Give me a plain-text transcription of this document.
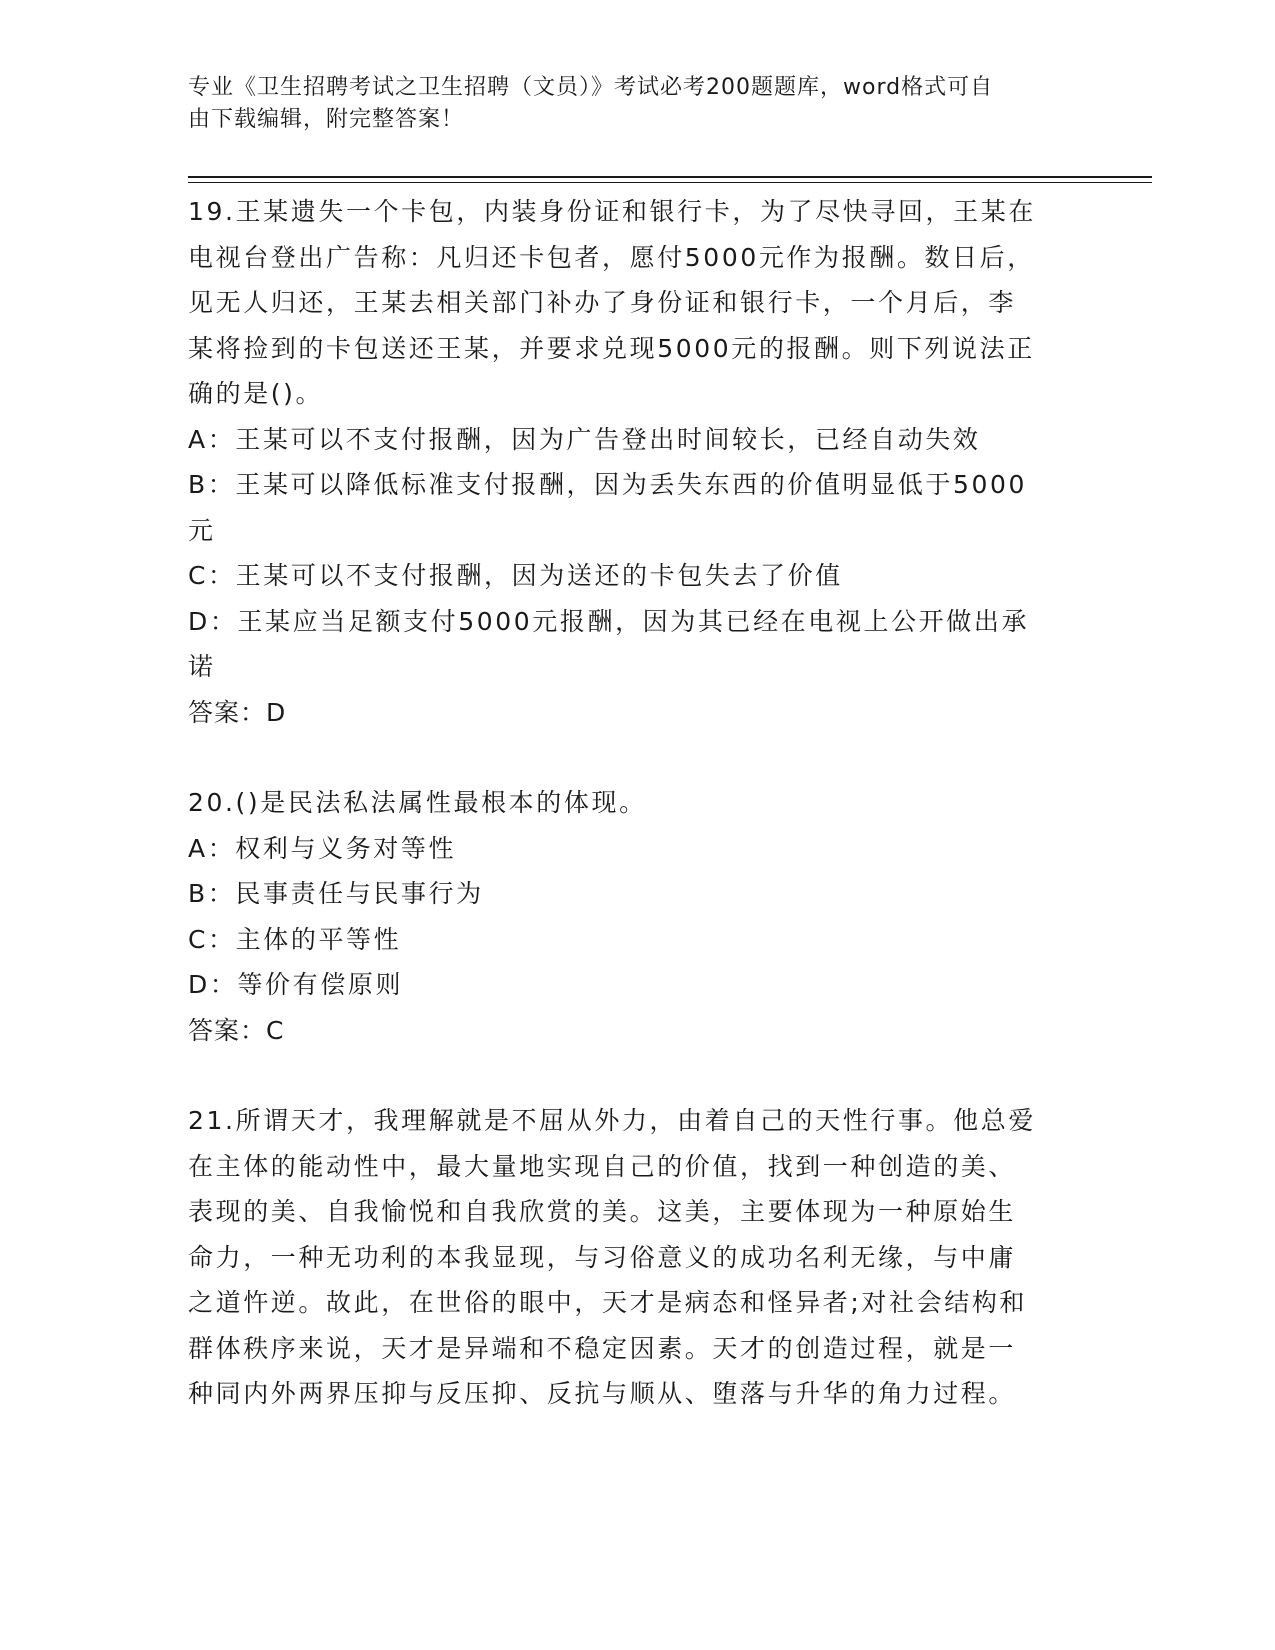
专业《卫生招聘考试之卫生招聘（文员）》考试必考200题题库，word格式可自
由下载编辑，附完整答案！

19.王某遗失一个卡包，内装身份证和银行卡，为了尽快寻回，王某在

电视台登出广告称：凡归还卡包者，愿付5000元作为报酬。数日后，

见无人归还，王某去相关部门补办了身份证和银行卡，一个月后，李

某将捡到的卡包送还王某，并要求兑现5000元的报酬。则下列说法正

确的是()。

A：王某可以不支付报酬，因为广告登出时间较长，已经自动失效

B：王某可以降低标准支付报酬，因为丢失东西的价值明显低于5000

元

C：王某可以不支付报酬，因为送还的卡包失去了价值

D：王某应当足额支付5000元报酬，因为其已经在电视上公开做出承

诺

答案：D

20.()是民法私法属性最根本的体现。

A：权利与义务对等性

B：民事责任与民事行为

C：主体的平等性

D：等价有偿原则

答案：C

21.所谓天才，我理解就是不屈从外力，由着自己的天性行事。他总爱

在主体的能动性中，最大量地实现自己的价值，找到一种创造的美、

表现的美、自我愉悦和自我欣赏的美。这美，主要体现为一种原始生

命力，一种无功利的本我显现，与习俗意义的成功名利无缘，与中庸

之道忤逆。故此，在世俗的眼中，天才是病态和怪异者;对社会结构和

群体秩序来说，天才是异端和不稳定因素。天才的创造过程，就是一

种同内外两界压抑与反压抑、反抗与顺从、堕落与升华的角力过程。
